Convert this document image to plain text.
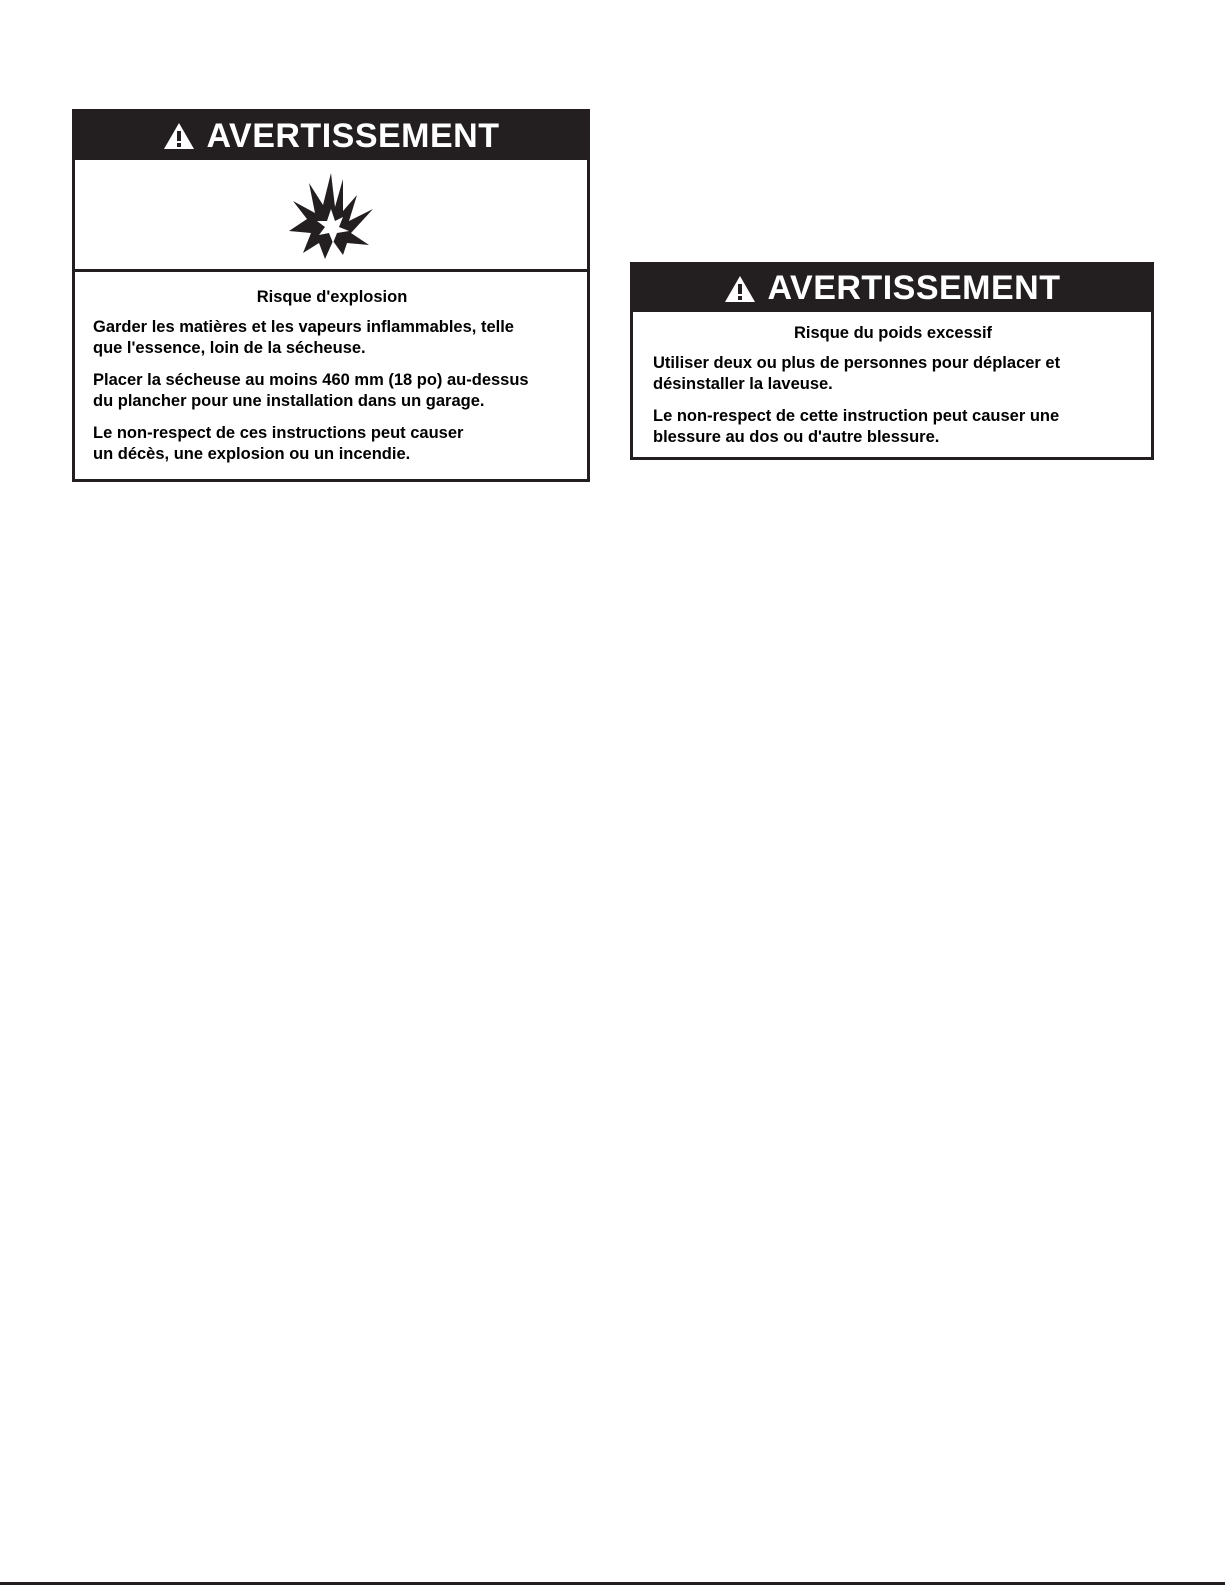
AVERTISSEMENT

Risque d'explosion

Garder les matières et les vapeurs inflammables, telle
que l'essence, loin de la sécheuse.

Placer la sécheuse au moins 460 mm (18 po) au-dessus
du plancher pour une installation dans un garage.

Le non-respect de ces instructions peut causer
un décès, une explosion ou un incendie.

AVERTISSEMENT

Risque du poids excessif

Utiliser deux ou plus de personnes pour déplacer et
désinstaller la laveuse.

Le non-respect de cette instruction peut causer une
blessure au dos ou d'autre blessure.
